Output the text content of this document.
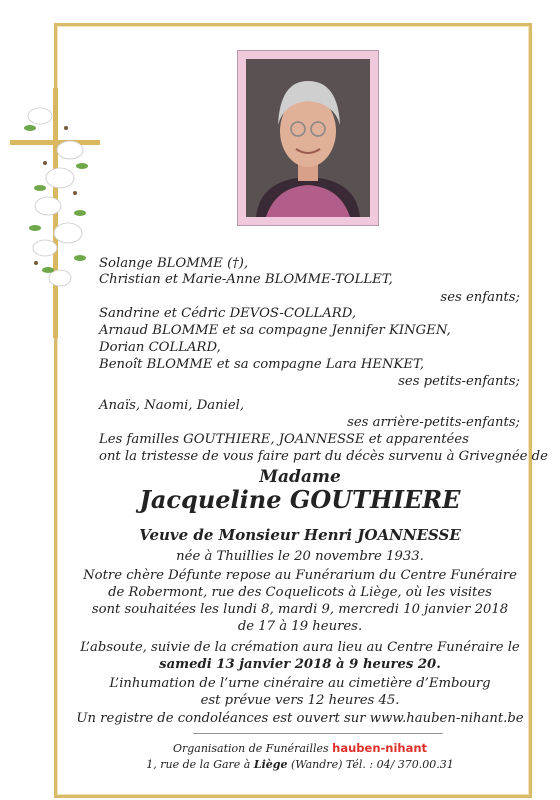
Solange BLOMME (†),
Christian et Marie-Anne BLOMME-TOLLET,
ses enfants;
Sandrine et Cédric DEVOS-COLLARD,
Arnaud BLOMME et sa compagne Jennifer KINGEN,
Dorian COLLARD,
Benoît BLOMME et sa compagne Lara HENKET,
ses petits-enfants;
Anaïs, Naomi, Daniel,
ses arrière-petits-enfants;
Les familles GOUTHIERE, JOANNESSE et apparentées
ont la tristesse de vous faire part du décès survenu à Grivegnée de
Madame
Jacqueline GOUTHIERE
Veuve de Monsieur Henri JOANNESSE
née à Thuillies le 20 novembre 1933.
Notre chère Défunte repose au Funérarium du Centre Funéraire
de Robermont, rue des Coquelicots à Liège, où les visites
sont souhaitées les lundi 8, mardi 9, mercredi 10 janvier 2018
de 17 à 19 heures.
L’absoute, suivie de la crémation aura lieu au Centre Funéraire le
samedi 13 janvier 2018 à 9 heures 20.
L’inhumation de l’urne cinéraire au cimetière d’Embourg
est prévue vers 12 heures 45.
Un registre de condoléances est ouvert sur www.hauben-nihant.be
Organisation de Funérailles hauben-nihant
1, rue de la Gare à Liège (Wandre) Tél. : 04/ 370.00.31
